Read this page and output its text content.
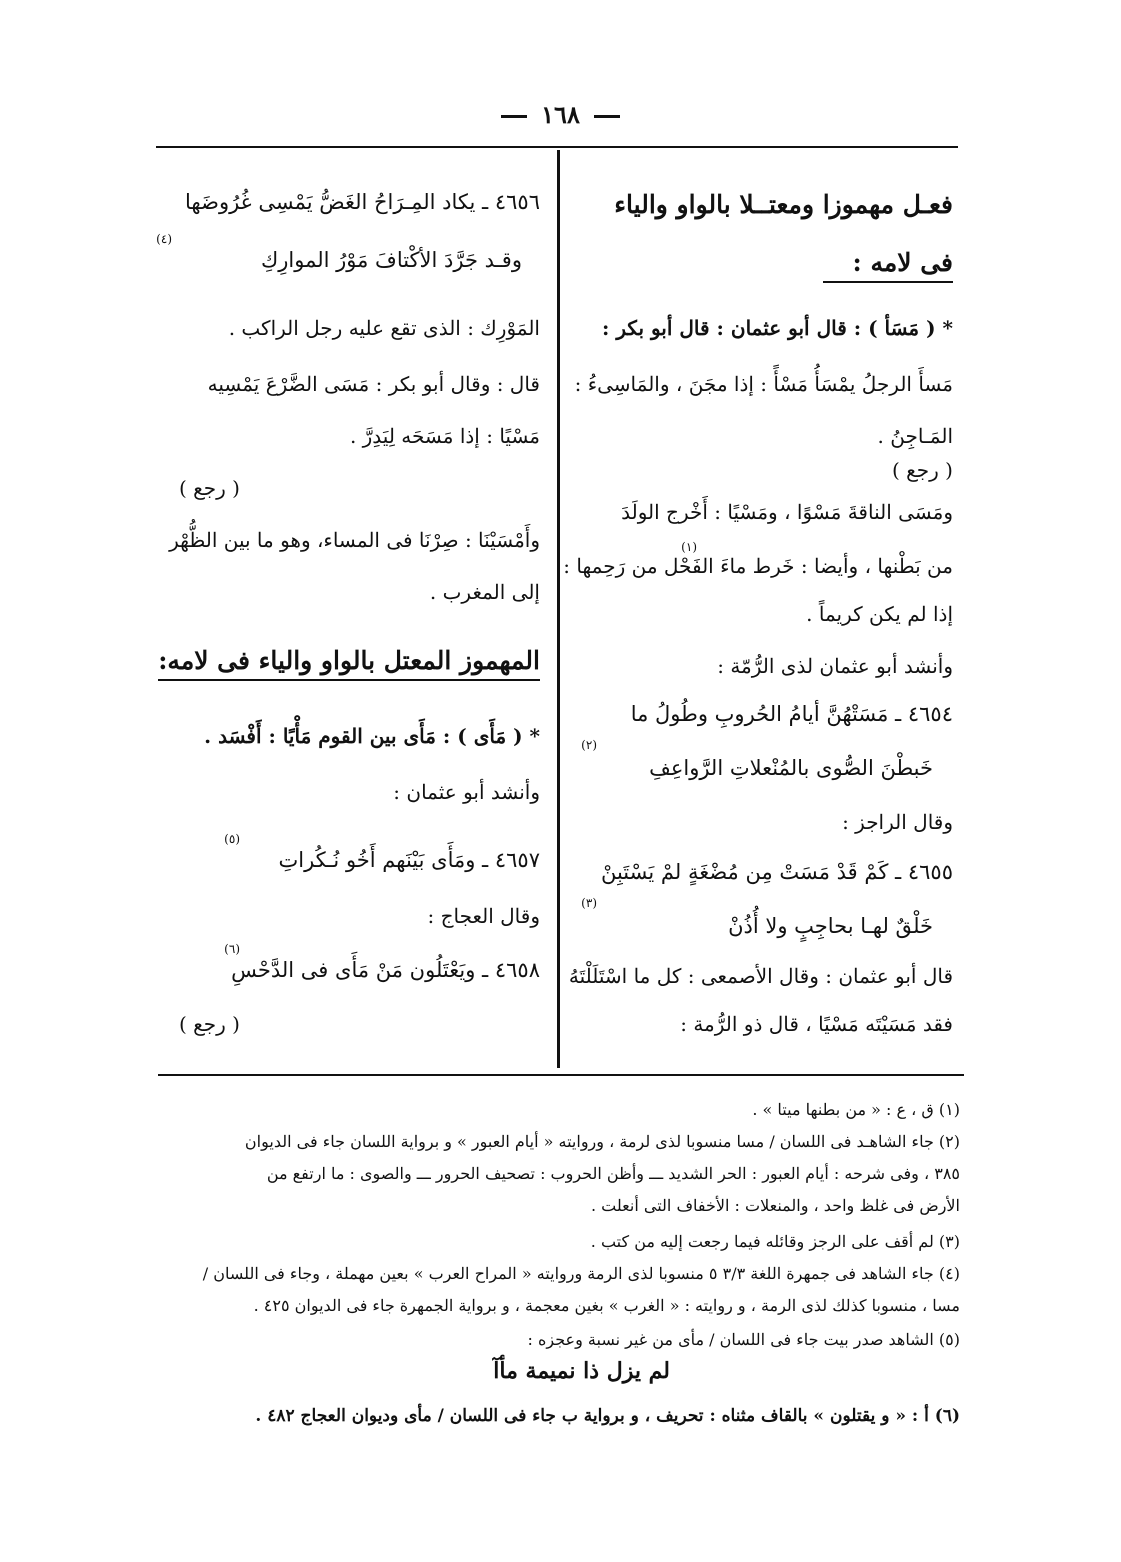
١٦٨
فعـل مهموزا ومعتــلا بالواو والياء
فى لامه :
* ( مَسَأ ) : قال أبو عثمان : قال أبو بكر :
مَسأَ الرجلُ يمْسَأُ مَسْأً : إذا مجَنَ ، والمَاسِىءُ :
المَـاجِنُ .
( رجع )
ومَسَى الناقةَ مَسْوًا ، ومَسْيًا : أَخْرج الولَدَ
من بَطْنها ، وأيضا : خَرط ماءَ الفَحْل من رَحِمها :
(١)
إذا لم يكن كريماً .
وأنشد أبو عثمان لذى الرُّمّة :
٤٦٥٤ ـ مَسَتْهُنَّ أيامُ الحُروبِ وطُولُ ما
خَبطْنَ الصُّوى بالمُنْعلاتِ الرَّواعِفِ
(٢)
وقال الراجز :
٤٦٥٥ ـ كَمْ قَدْ مَسَتْ مِن مُضْغَةٍ لمْ يَسْتَبِنْ
خَلْقٌ لهـا بحاجِبٍ ولا أُذُنْ
(٣)
قال أبو عثمان : وقال الأصمعى : كل ما اسْتَلَلْتَهُ
فقد مَسَيْتَه مَسْيًا ، قال ذو الرُّمة :
٤٦٥٦ ـ يكاد المِـرَاحُ الغَضُّ يَمْسِى غُرُوضَها
(٤)
وقـد جَرَّدَ الأكْتافَ مَوْرُ الموارِكِ
المَوْرِك : الذى تقع عليه رجل الراكب .
قال : وقال أبو بكر : مَسَى الضَّرْعَ يَمْسِيه
مَسْيًا : إذا مَسَحَه لِيَدِرَّ .
( رجع )
وأَمْسَيْنَا : صِرْنَا فى المساء، وهو ما بين الظُّهْر
إلى المغرب .
المهموز المعتل بالواو والياء فى لامه:
* ( مَأَى ) : مَأَى بين القوم مَأْيًا : أَفْسَد .
وأنشد أبو عثمان :
(٥)
٤٦٥٧ ـ ومَأَى بَيْنَهم أَخُو نُـكُراتِ
وقال العجاج :
(٦)
٤٦٥٨ ـ ويَعْتَلُون مَنْ مَأَى فى الدَّحْسِ
( رجع )
(١) ق ، ع : « من بطنها ميتا » .
(٢) جاء الشاهـد فى اللسان / مسا منسوبا لذى لرمة ، وروايته « أيام العبور » و برواية اللسان جاء فى الديوان
٣٨٥ ، وفى شرحه : أيام العبور : الحر الشديد ـــ وأظن الحروب : تصحيف الحرور ـــ والصوى : ما ارتفع من
الأرض فى غلظ واحد ، والمنعلات : الأخفاف التى أنعلت .
(٣) لم أقف على الرجز وقائله فيما رجعت إليه من كتب .
(٤) جاء الشاهد فى جمهرة اللغة ٣/٣ ٥ منسوبا لذى الرمة وروايته « المراح العرب » بعين مهملة ، وجاء فى اللسان /
مسا ، منسوبا كذلك لذى الرمة ، و روايته : « الغرب » بغين معجمة ، و برواية الجمهرة جاء فى الديوان ٤٢٥ .
(٥) الشاهد صدر بيت جاء فى اللسان / مأى من غير نسبة وعجزه :
لم يزل ذا نميمة مأآ
(٦) أ : « و يقتلون » بالقاف مثناه : تحريف ، و برواية ب جاء فى اللسان / مأى وديوان العجاج ٤٨٢ .
